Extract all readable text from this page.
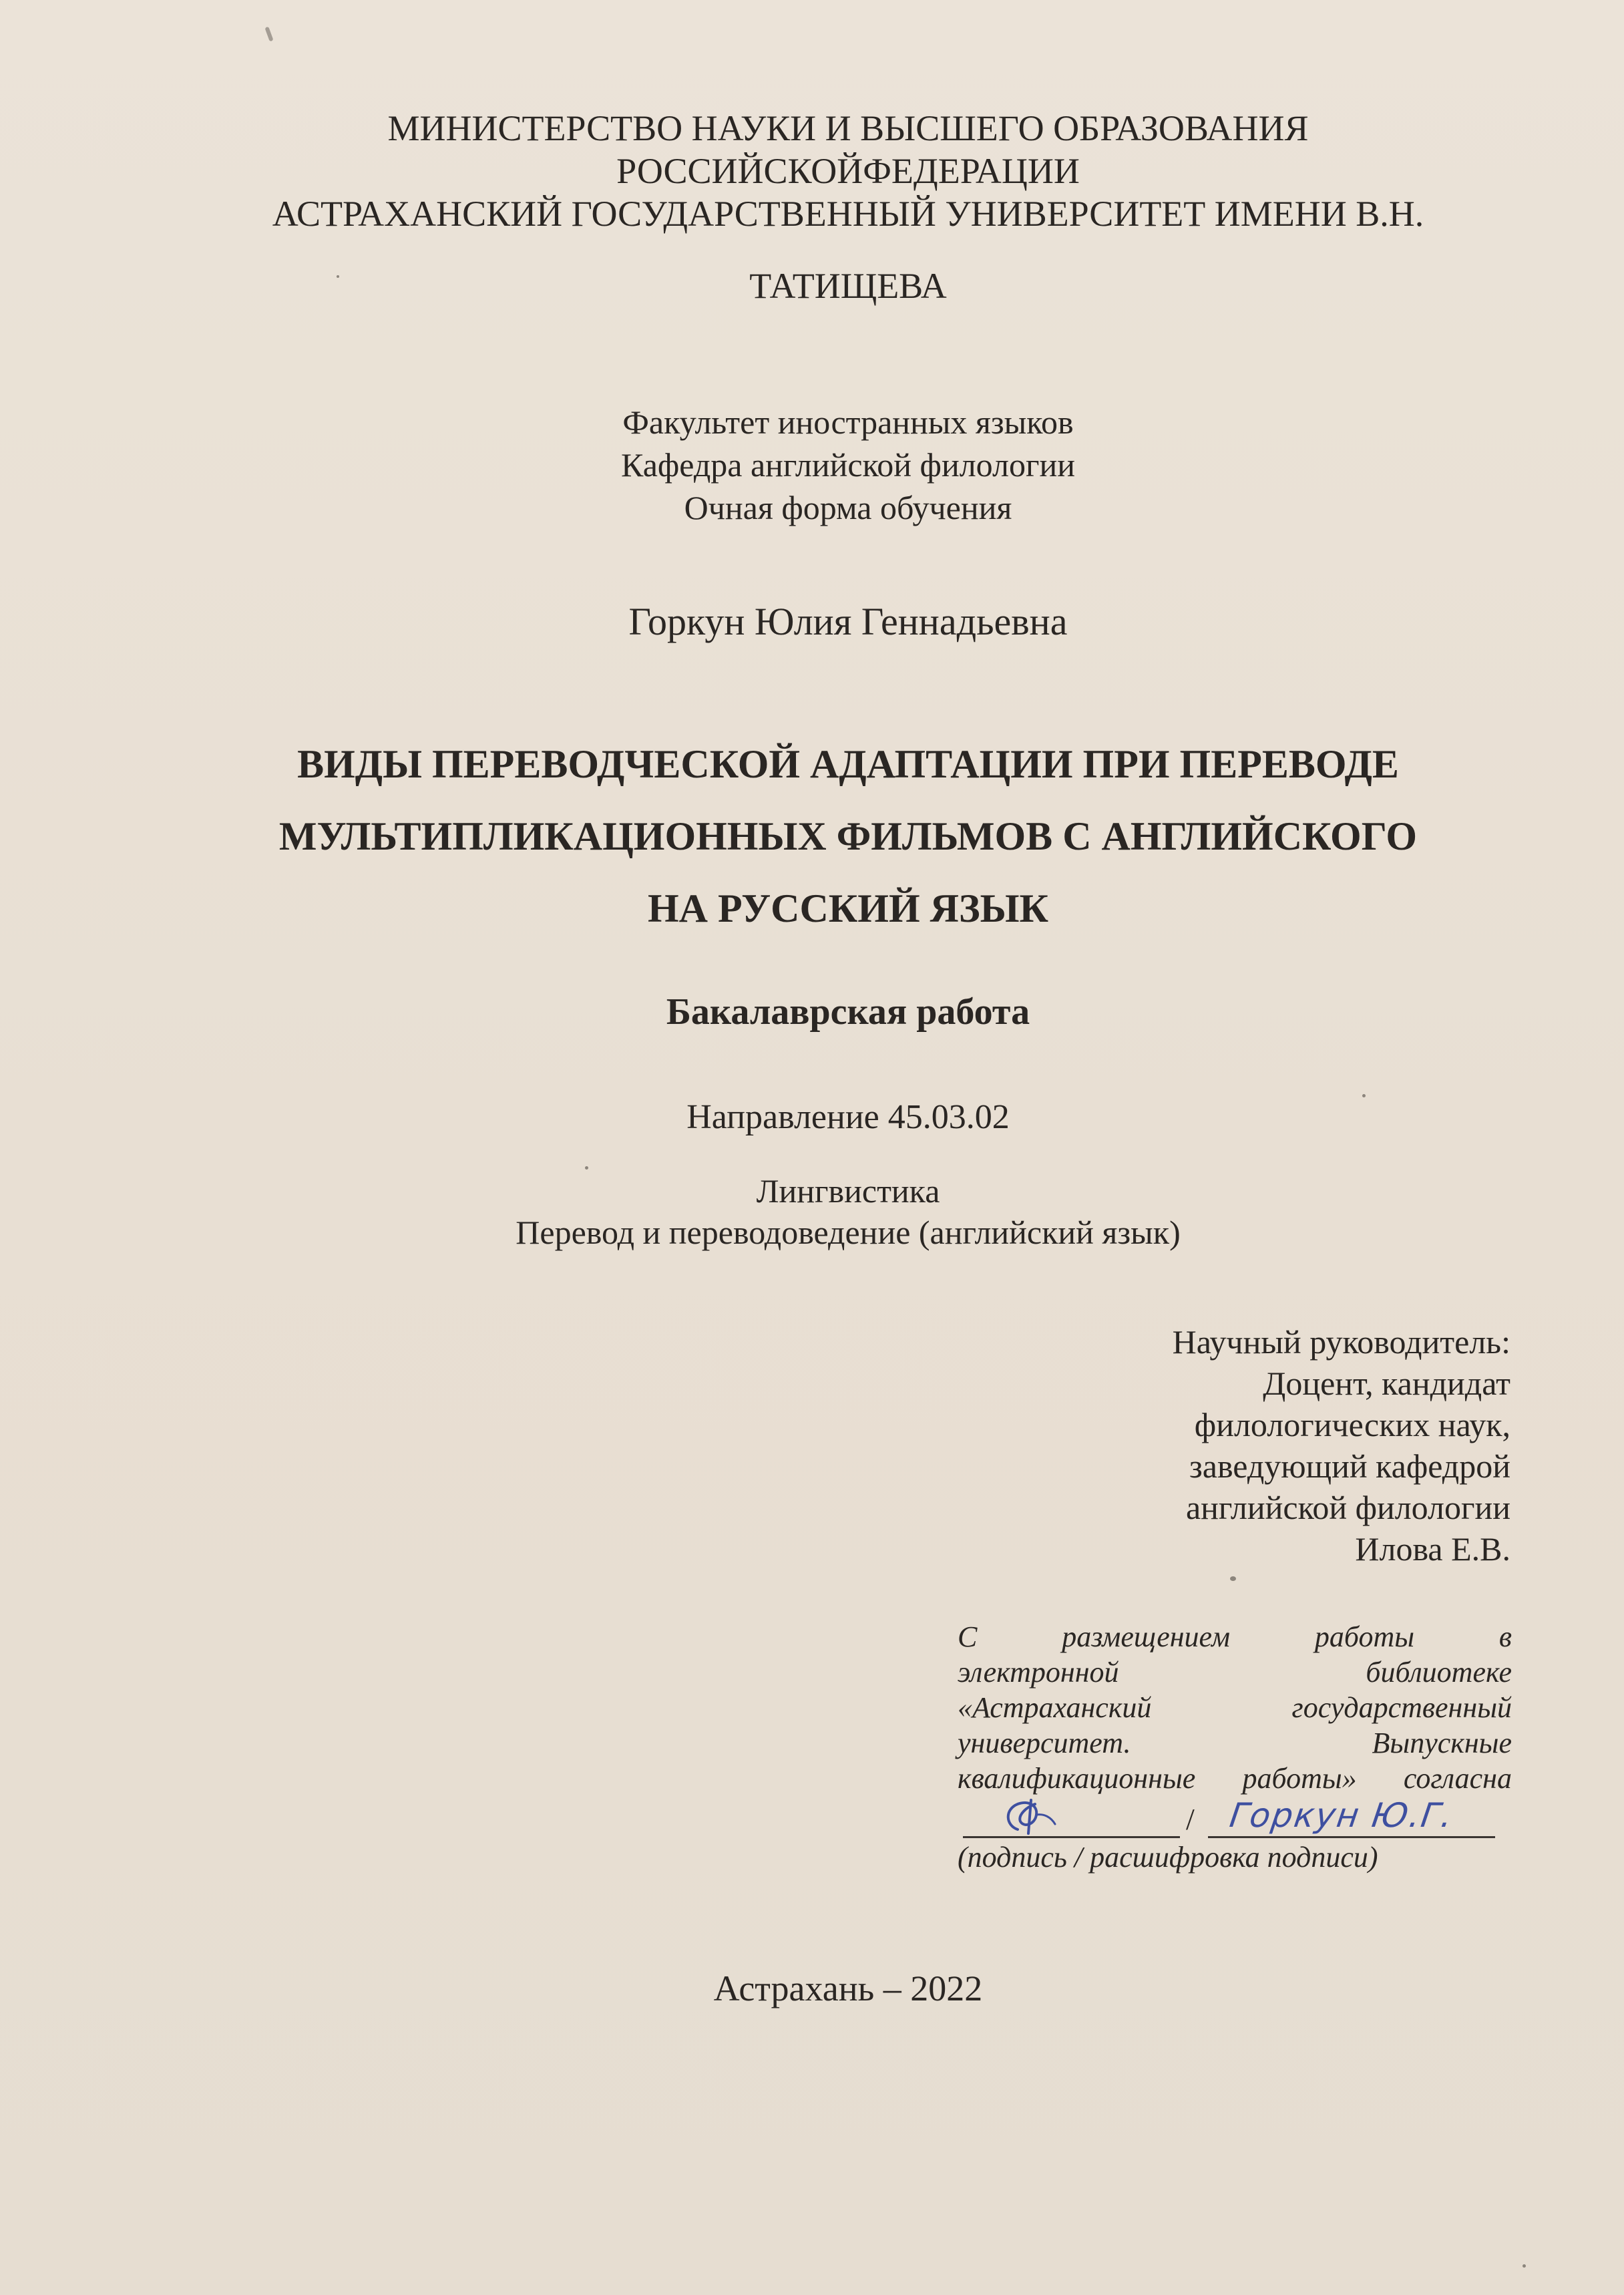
МИНИСТЕРСТВО НАУКИ И ВЫСШЕГО ОБРАЗОВАНИЯ
РОССИЙСКОЙФЕДЕРАЦИИ
АСТРАХАНСКИЙ ГОСУДАРСТВЕННЫЙ УНИВЕРСИТЕТ ИМЕНИ В.Н.
ТАТИЩЕВА
Факультет иностранных языков
Кафедра английской филологии
Очная форма обучения
Горкун Юлия Геннадьевна
ВИДЫ ПЕРЕВОДЧЕСКОЙ АДАПТАЦИИ ПРИ ПЕРЕВОДЕ
МУЛЬТИПЛИКАЦИОННЫХ ФИЛЬМОВ С АНГЛИЙСКОГО
НА РУССКИЙ ЯЗЫК
Бакалаврская работа
Направление 45.03.02
Лингвистика
Перевод и переводоведение (английский язык)
Научный руководитель:
Доцент, кандидат
филологических наук,
заведующий кафедрой
английской филологии
Илова Е.В.
С размещением работы в
электронной библиотеке
«Астраханский государственный
университет. Выпускные
квалификационные работы» согласна
/ Горкун Ю.Г.
(подпись / расшифровка подписи)
Астрахань – 2022
